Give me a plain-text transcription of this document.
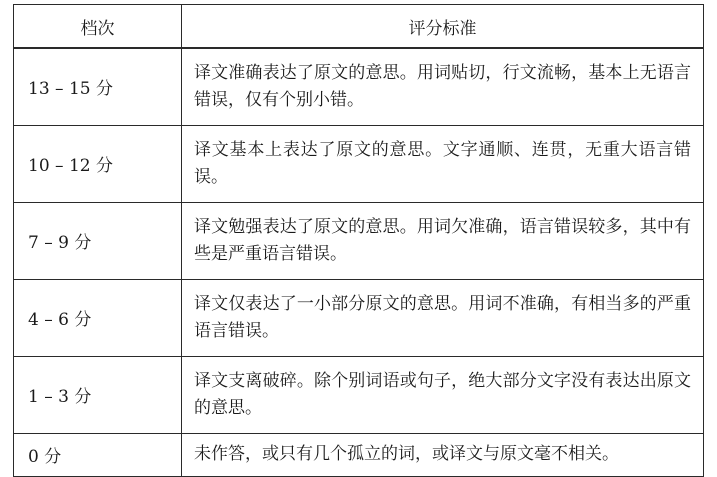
档次	评分标准
13 – 15 分	译文准确表达了原文的意思。用词贴切，行文流畅，基本上无语言错误，仅有个别小错。
10 – 12 分	译文基本上表达了原文的意思。文字通顺、连贯，无重大语言错误。
7 – 9 分	译文勉强表达了原文的意思。用词欠准确，语言错误较多，其中有些是严重语言错误。
4 – 6 分	译文仅表达了一小部分原文的意思。用词不准确，有相当多的严重语言错误。
1 – 3 分	译文支离破碎。除个别词语或句子，绝大部分文字没有表达出原文的意思。
0 分	未作答，或只有几个孤立的词，或译文与原文毫不相关。
